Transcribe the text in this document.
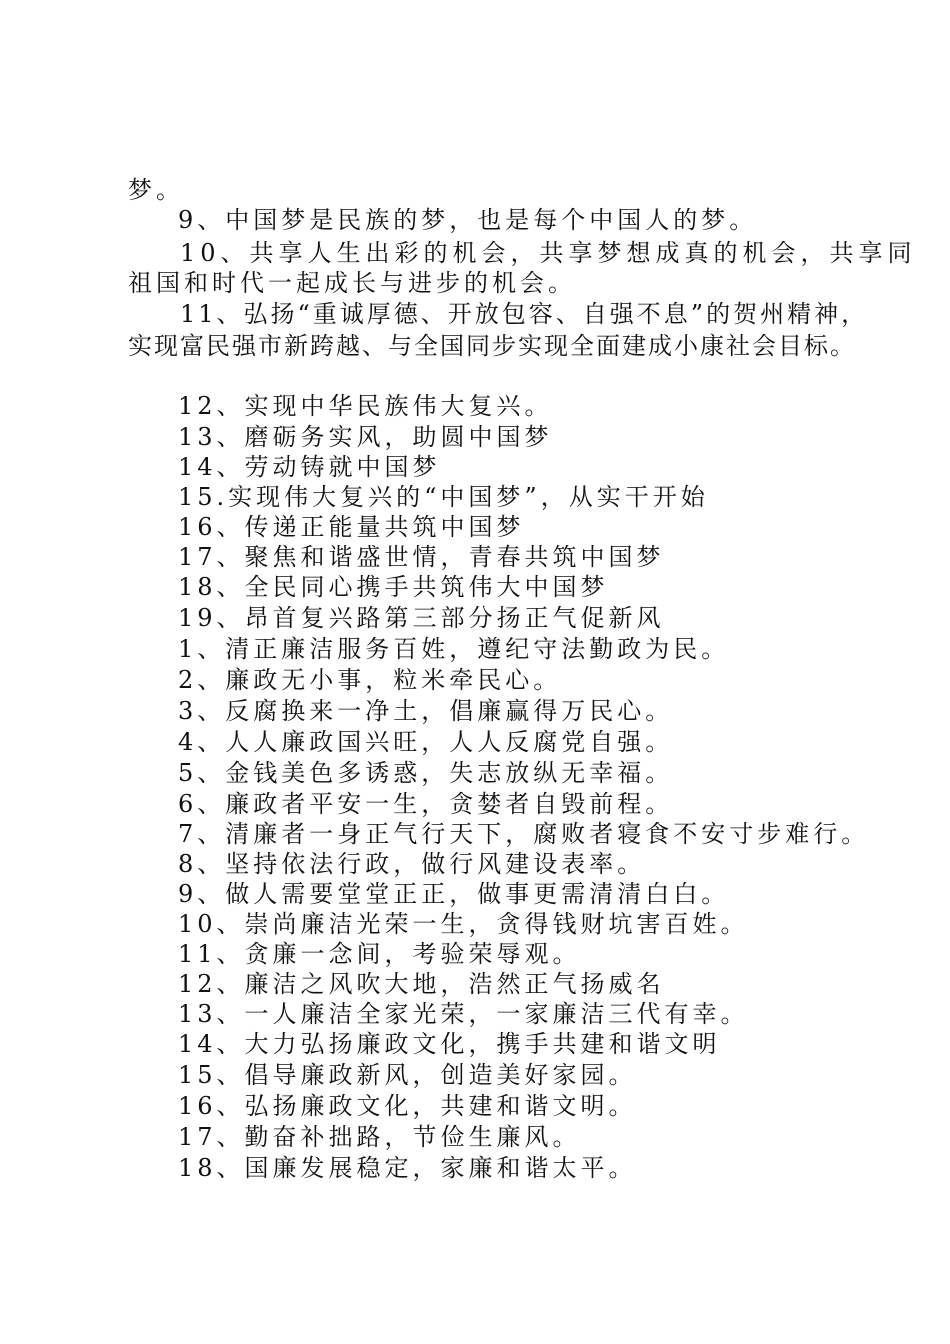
梦。
9、中国梦是民族的梦，也是每个中国人的梦。
10、共享人生出彩的机会，共享梦想成真的机会，共享同
祖国和时代一起成长与进步的机会。
11、弘扬“重诚厚德、开放包容、自强不息”的贺州精神，
实现富民强市新跨越、与全国同步实现全面建成小康社会目标。
12、实现中华民族伟大复兴。
13、磨砺务实风，助圆中国梦
14、劳动铸就中国梦
15.实现伟大复兴的“中国梦”，从实干开始
16、传递正能量共筑中国梦
17、聚焦和谐盛世情，青春共筑中国梦
18、全民同心携手共筑伟大中国梦
19、昂首复兴路第三部分扬正气促新风
1、清正廉洁服务百姓，遵纪守法勤政为民。
2、廉政无小事，粒米牵民心。
3、反腐换来一净土，倡廉赢得万民心。
4、人人廉政国兴旺，人人反腐党自强。
5、金钱美色多诱惑，失志放纵无幸福。
6、廉政者平安一生，贪婪者自毁前程。
7、清廉者一身正气行天下，腐败者寝食不安寸步难行。
8、坚持依法行政，做行风建设表率。
9、做人需要堂堂正正，做事更需清清白白。
10、崇尚廉洁光荣一生，贪得钱财坑害百姓。
11、贪廉一念间，考验荣辱观。
12、廉洁之风吹大地，浩然正气扬威名
13、一人廉洁全家光荣，一家廉洁三代有幸。
14、大力弘扬廉政文化，携手共建和谐文明
15、倡导廉政新风，创造美好家园。
16、弘扬廉政文化，共建和谐文明。
17、勤奋补拙路，节俭生廉风。
18、国廉发展稳定，家廉和谐太平。
